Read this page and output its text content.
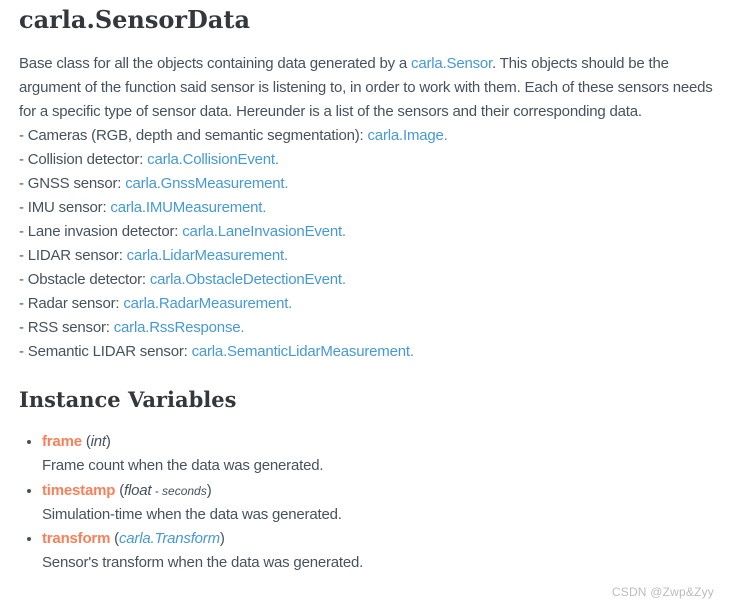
carla.SensorData

Base class for all the objects containing data generated by a carla.Sensor. This objects should be the argument of the function said sensor is listening to, in order to work with them. Each of these sensors needs for a specific type of sensor data. Hereunder is a list of the sensors and their corresponding data.

- Cameras (RGB, depth and semantic segmentation): carla.Image.
- Collision detector: carla.CollisionEvent.
- GNSS sensor: carla.GnssMeasurement.
- IMU sensor: carla.IMUMeasurement.
- Lane invasion detector: carla.LaneInvasionEvent.
- LIDAR sensor: carla.LidarMeasurement.
- Obstacle detector: carla.ObstacleDetectionEvent.
- Radar sensor: carla.RadarMeasurement.
- RSS sensor: carla.RssResponse.
- Semantic LIDAR sensor: carla.SemanticLidarMeasurement.
Instance Variables
• frame (int)
Frame count when the data was generated.
• timestamp (float - seconds)
Simulation-time when the data was generated.
• transform (carla.Transform)
Sensor's transform when the data was generated.
CSDN @Zwp&Zyy
